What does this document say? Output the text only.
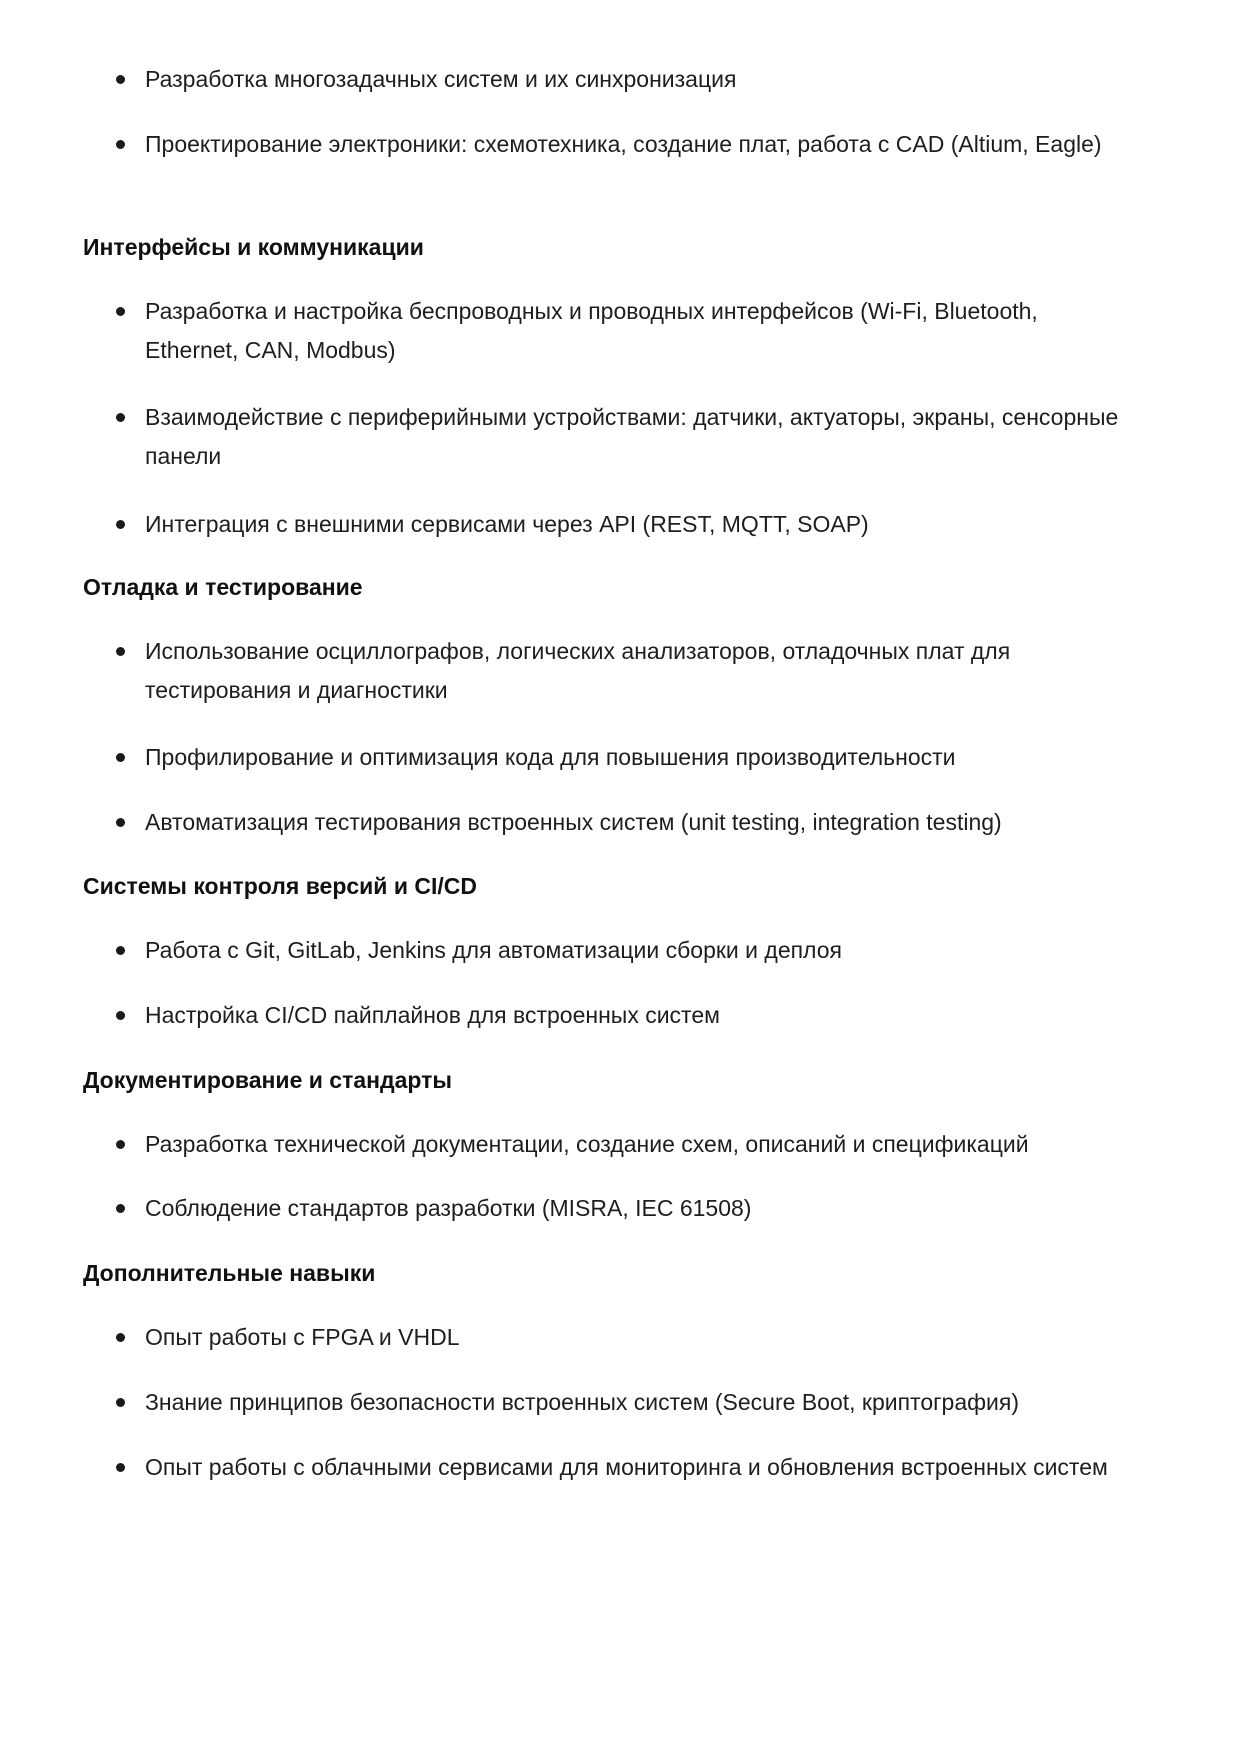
Разработка многозадачных систем и их синхронизация
Проектирование электроники: схемотехника, создание плат, работа с CAD (Altium, Eagle)
Интерфейсы и коммуникации
Разработка и настройка беспроводных и проводных интерфейсов (Wi-Fi, Bluetooth, Ethernet, CAN, Modbus)
Взаимодействие с периферийными устройствами: датчики, актуаторы, экраны, сенсорные панели
Интеграция с внешними сервисами через API (REST, MQTT, SOAP)
Отладка и тестирование
Использование осциллографов, логических анализаторов, отладочных плат для тестирования и диагностики
Профилирование и оптимизация кода для повышения производительности
Автоматизация тестирования встроенных систем (unit testing, integration testing)
Системы контроля версий и CI/CD
Работа с Git, GitLab, Jenkins для автоматизации сборки и деплоя
Настройка CI/CD пайплайнов для встроенных систем
Документирование и стандарты
Разработка технической документации, создание схем, описаний и спецификаций
Соблюдение стандартов разработки (MISRA, IEC 61508)
Дополнительные навыки
Опыт работы с FPGA и VHDL
Знание принципов безопасности встроенных систем (Secure Boot, криптография)
Опыт работы с облачными сервисами для мониторинга и обновления встроенных систем
